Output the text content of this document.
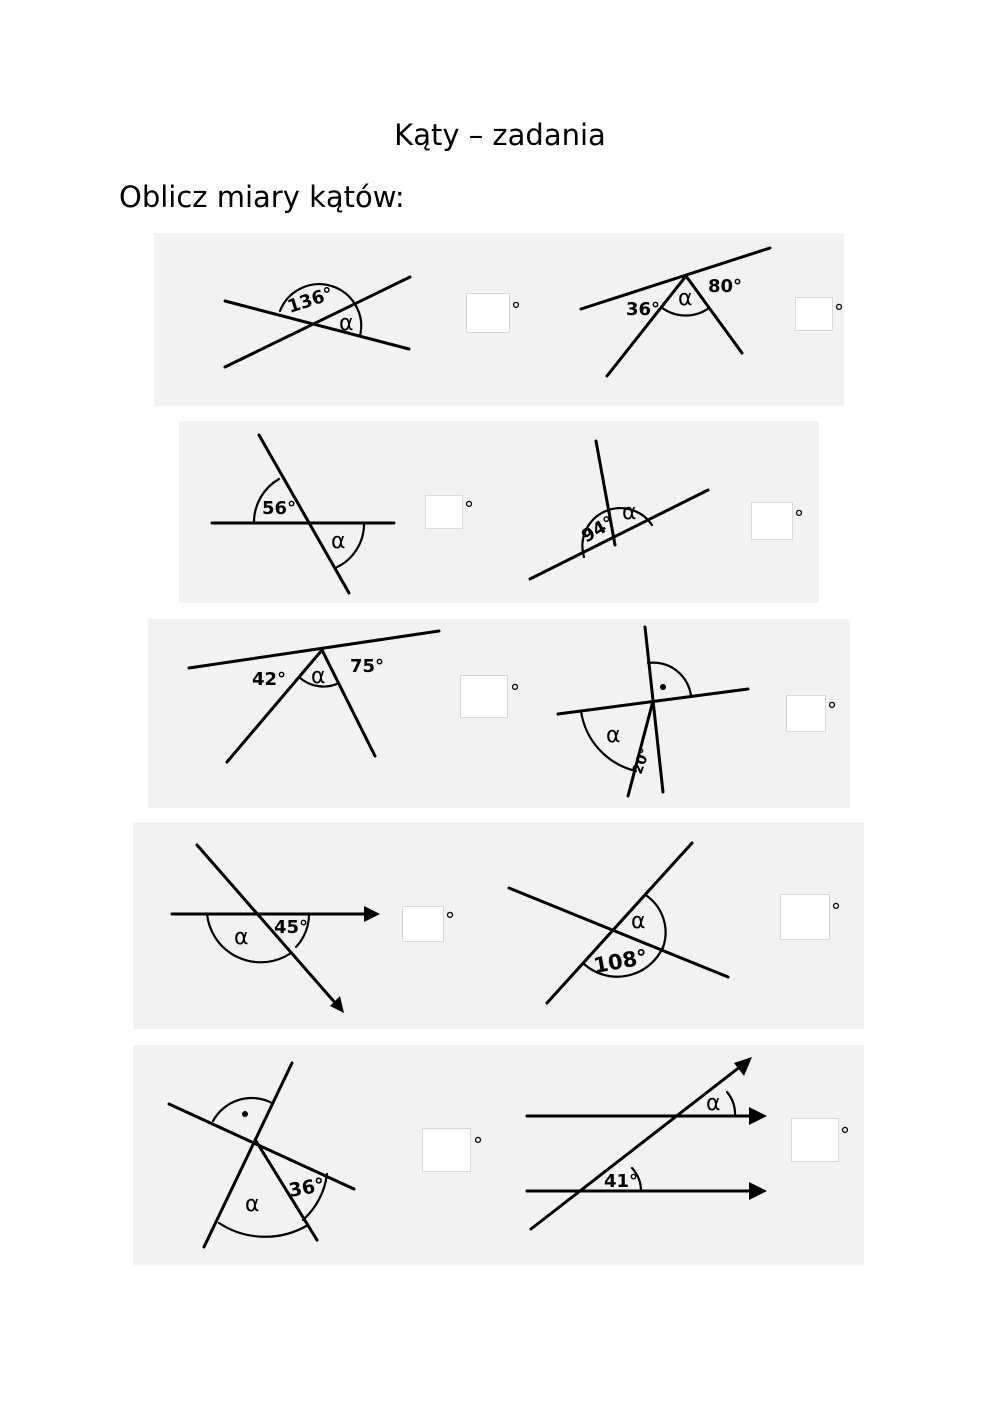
Kąty – zadania
Oblicz miary kątów:
136°
α
36°
80°
α
56°
α	94° α
42°
75°
α
α
20°
45°
α
α
108°
α
36°
α
41°
°	°
°	°
°
°
°	°
°	°
